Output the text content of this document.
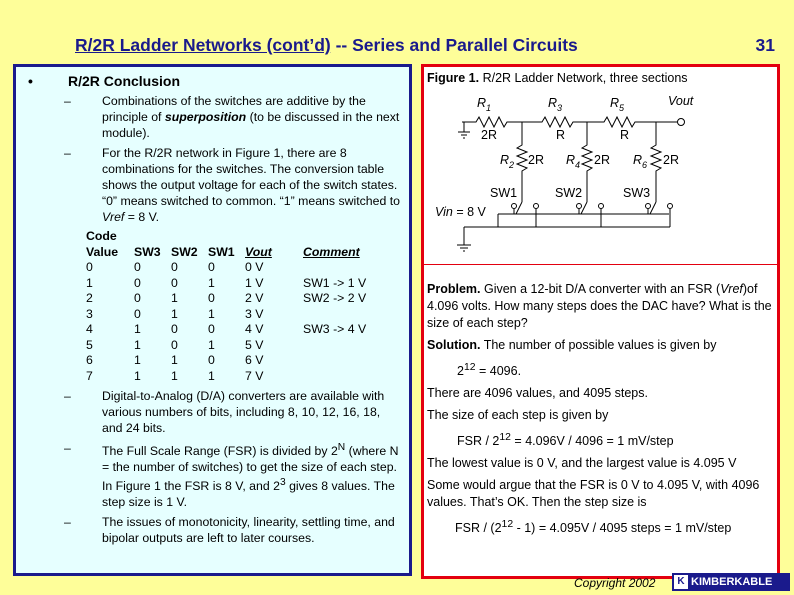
R/2R Ladder Networks (cont’d) -- Series and Parallel Circuits	31
•	R/2R Conclusion
–	Combinations of the switches are additive by the principle of superposition (to be discussed in the next module).
–	For the R/2R network in Figure 1, there are 8 combinations for the switches. The conversion table shows the output voltage for each of the switch states. “0” means switched to common. “1” means switched to Vref = 8 V.
Code					
Value	SW3	SW2	SW1	Vout	Comment
0	0	0	0	0 V	
1	0	0	1	1 V	SW1 -> 1 V
2	0	1	0	2 V	SW2 -> 2 V
3	0	1	1	3 V	
4	1	0	0	4 V	SW3 -> 4 V
5	1	0	1	5 V	
6	1	1	0	6 V	
7	1	1	1	7 V	
–	Digital-to-Analog (D/A) converters are available with various numbers of bits, including 8, 10, 12, 16, 18, and 24 bits.
–	The Full Scale Range (FSR) is divided by $2^N$ (where N = the number of switches) to get the size of each step. In Figure 1 the FSR is 8 V, and $2^3$ gives 8 values. The step size is 1 V.
–	The issues of monotonicity, linearity, settling time, and bipolar outputs are left to later courses.
Figure 1. R/2R Ladder Network, three sections
$R_1$	$R_3$	$R_5$	Vout
2R	R	R
$R_2$ 2R $R_4$ 2R $R_6$ 2R
SW1	SW2	SW3
Vin = 8 V

Problem. Given a 12-bit D/A converter with an FSR (Vref)of 4.096 volts. How many steps does the DAC have? What is the size of each step?

Solution. The number of possible values is given by

$2^{12} = 4096$.

There are 4096 values, and 4095 steps.

The size of each step is given by

FSR / $2^{12} = 4.096V / 4096 = 1$ mV/step

The lowest value is 0 V, and the largest value is 4.095 V

Some would argue that the FSR is 0 V to 4.095 V, with 4096 values. That’s OK. Then the step size is

FSR / $(2^{12} - 1) = 4.095V / 4095$ steps = 1 mV/step

Copyright 2002	K KIMBERKABLE
